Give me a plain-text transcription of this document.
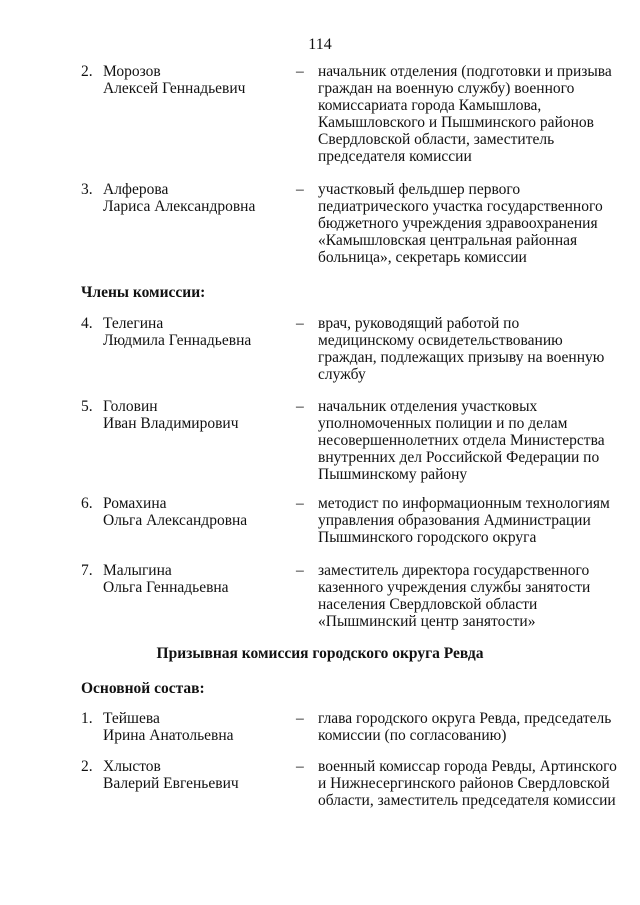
114
2. Морозов
Алексей Геннадьевич
– начальник отделения (подготовки и призыва граждан на военную службу) военного комиссариата города Камышлова, Камышловского и Пышминского районов Свердловской области, заместитель председателя комиссии
3. Алферова
Лариса Александровна
– участковый фельдшер первого педиатрического участка государственного бюджетного учреждения здравоохранения «Камышловская центральная районная больница», секретарь комиссии
Члены комиссии:
4. Телегина
Людмила Геннадьевна
– врач, руководящий работой по медицинскому освидетельствованию граждан, подлежащих призыву на военную службу
5. Головин
Иван Владимирович
– начальник отделения участковых уполномоченных полиции и по делам несовершеннолетних отдела Министерства внутренних дел Российской Федерации по Пышминскому району
6. Ромахина
Ольга Александровна
– методист по информационным технологиям управления образования Администрации Пышминского городского округа
7. Малыгина
Ольга Геннадьевна
– заместитель директора государственного казенного учреждения службы занятости населения Свердловской области «Пышминский центр занятости»
Призывная комиссия городского округа Ревда
Основной состав:
1. Тейшева
Ирина Анатольевна
– глава городского округа Ревда, председатель комиссии (по согласованию)
2. Хлыстов
Валерий Евгеньевич
– военный комиссар города Ревды, Артинского и Нижнесергинского районов Свердловской области, заместитель председателя комиссии
